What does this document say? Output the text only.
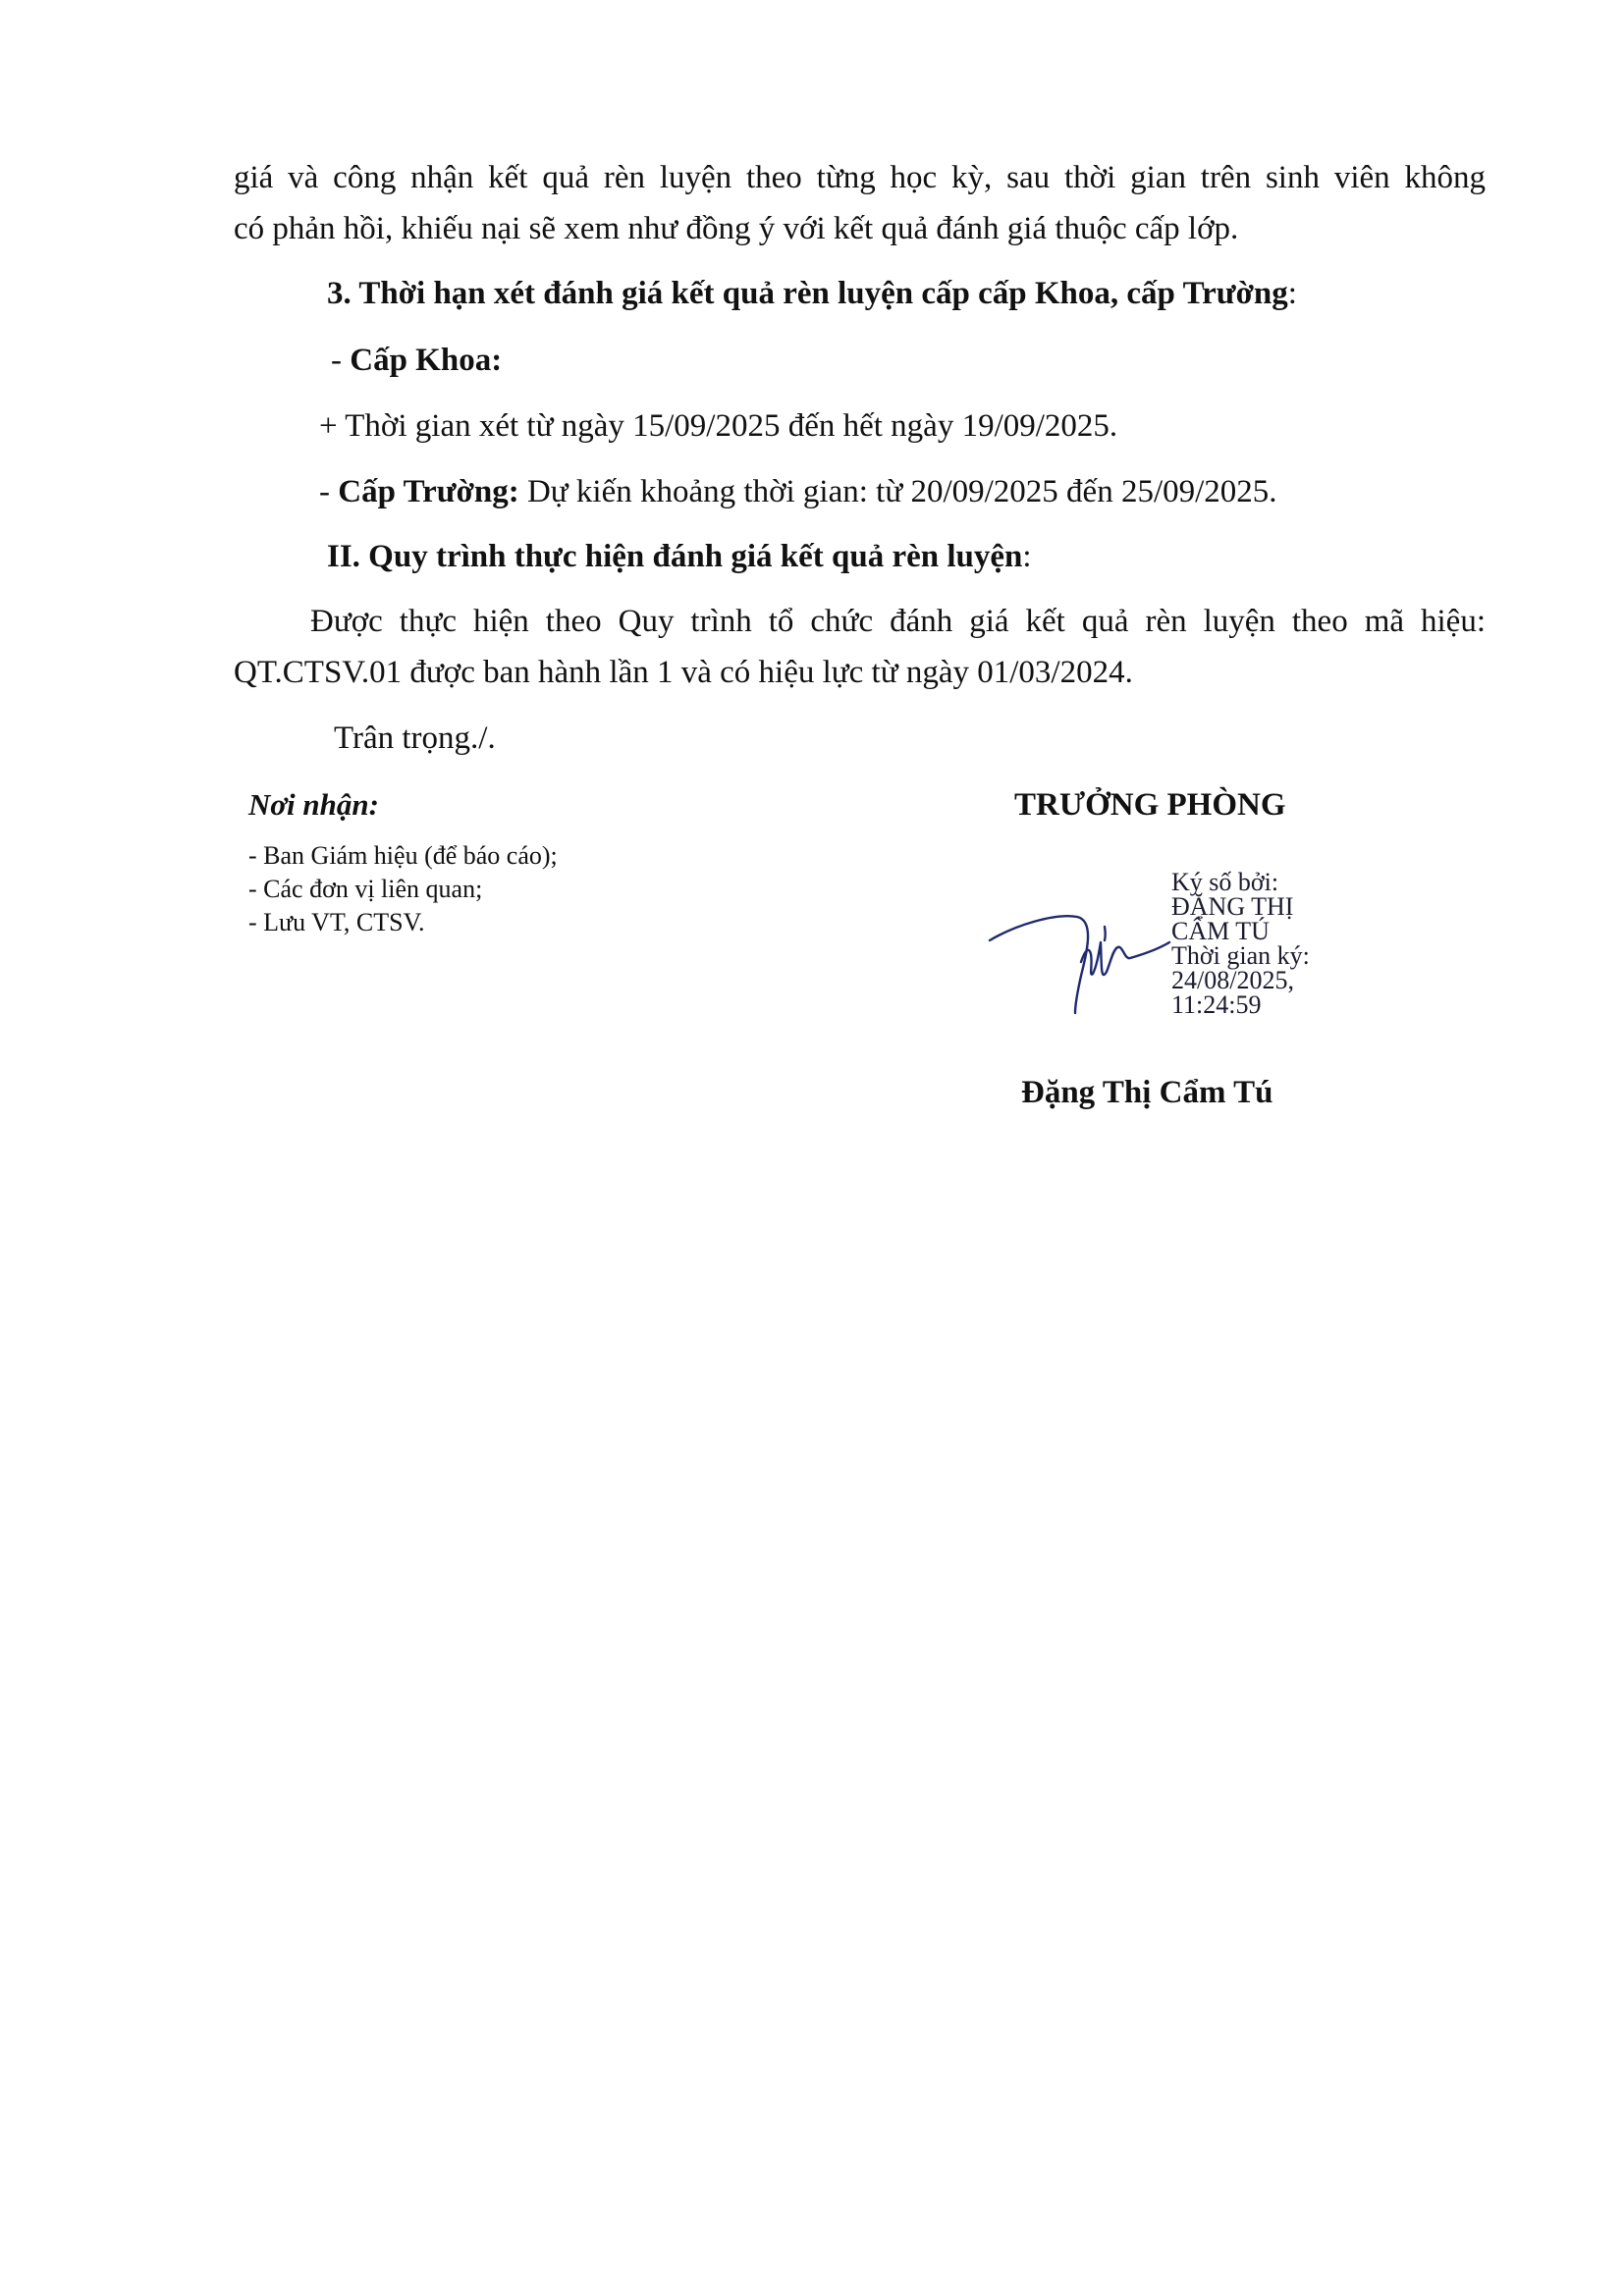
giá và công nhận kết quả rèn luyện theo từng học kỳ, sau thời gian trên sinh viên không
có phản hồi, khiếu nại sẽ xem như đồng ý với kết quả đánh giá thuộc cấp lớp.
3. Thời hạn xét đánh giá kết quả rèn luyện cấp cấp Khoa, cấp Trường:
- Cấp Khoa:
+ Thời gian xét từ ngày 15/09/2025 đến hết ngày 19/09/2025.
- Cấp Trường: Dự kiến khoảng thời gian: từ 20/09/2025 đến 25/09/2025.
II. Quy trình thực hiện đánh giá kết quả rèn luyện:
Được thực hiện theo Quy trình tổ chức đánh giá kết quả rèn luyện theo mã hiệu:
QT.CTSV.01 được ban hành lần 1 và có hiệu lực từ ngày 01/03/2024.
Trân trọng./.
Nơi nhận:
- Ban Giám hiệu (để báo cáo);
- Các đơn vị liên quan;
- Lưu VT, CTSV.
TRƯỞNG PHÒNG
Ký số bởi:
ĐẶNG THỊ
CẨM TÚ
Thời gian ký:
24/08/2025,
11:24:59
Đặng Thị Cẩm Tú
